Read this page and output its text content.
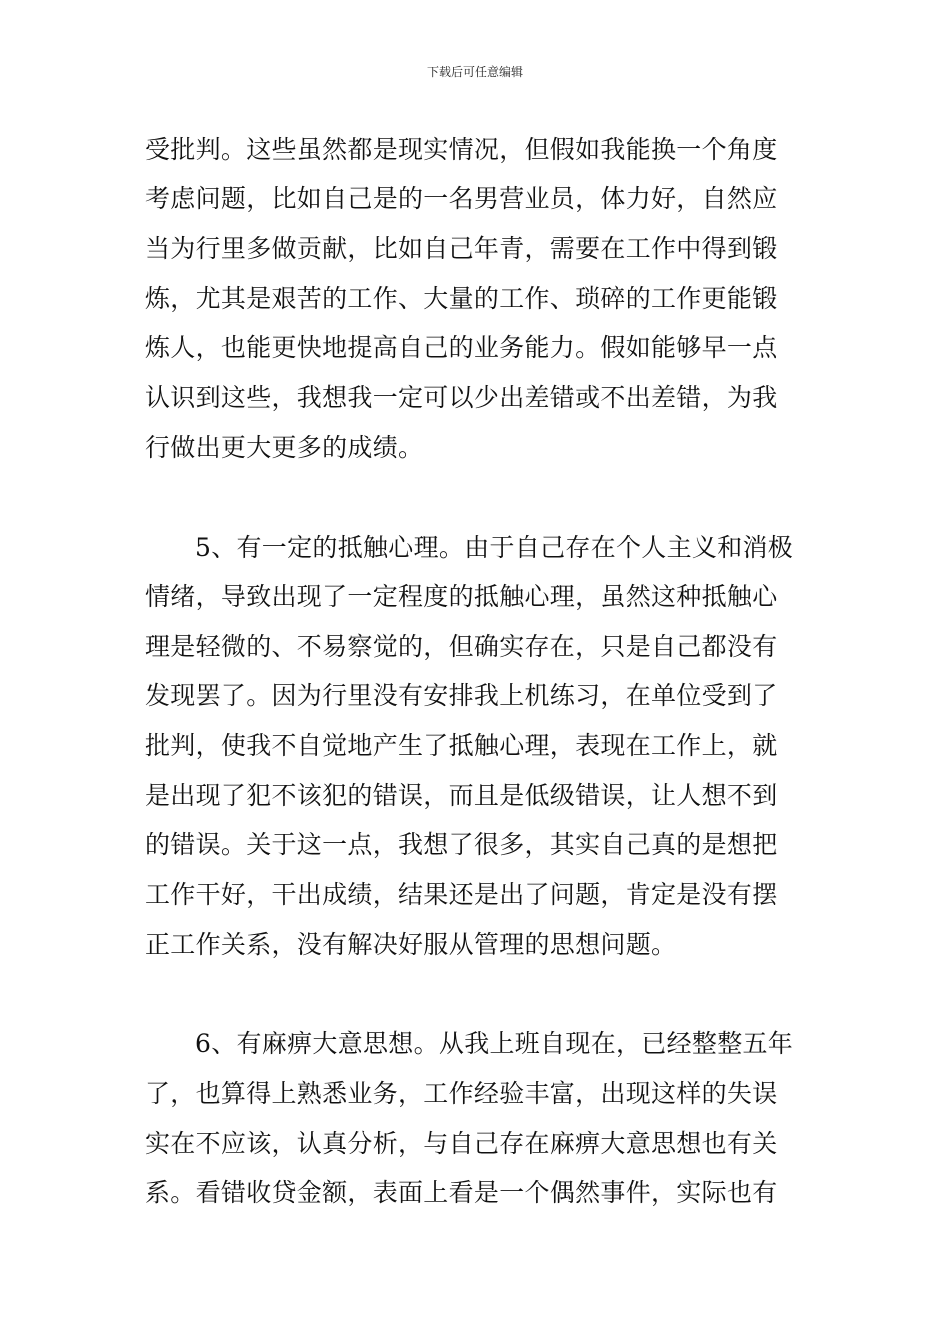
下载后可任意编辑
受批判。这些虽然都是现实情况，但假如我能换一个角度
考虑问题，比如自己是的一名男营业员，体力好，自然应
当为行里多做贡献，比如自己年青，需要在工作中得到锻
炼，尤其是艰苦的工作、大量的工作、琐碎的工作更能锻
炼人，也能更快地提高自己的业务能力。假如能够早一点
认识到这些，我想我一定可以少出差错或不出差错，为我
行做出更大更多的成绩。
5、有一定的抵触心理。由于自己存在个人主义和消极
情绪，导致出现了一定程度的抵触心理，虽然这种抵触心
理是轻微的、不易察觉的，但确实存在，只是自己都没有
发现罢了。因为行里没有安排我上机练习，在单位受到了
批判，使我不自觉地产生了抵触心理，表现在工作上，就
是出现了犯不该犯的错误，而且是低级错误，让人想不到
的错误。关于这一点，我想了很多，其实自己真的是想把
工作干好，干出成绩，结果还是出了问题，肯定是没有摆
正工作关系，没有解决好服从管理的思想问题。
6、有麻痹大意思想。从我上班自现在，已经整整五年
了，也算得上熟悉业务，工作经验丰富，出现这样的失误
实在不应该，认真分析，与自己存在麻痹大意思想也有关
系。看错收贷金额，表面上看是一个偶然事件，实际也有
